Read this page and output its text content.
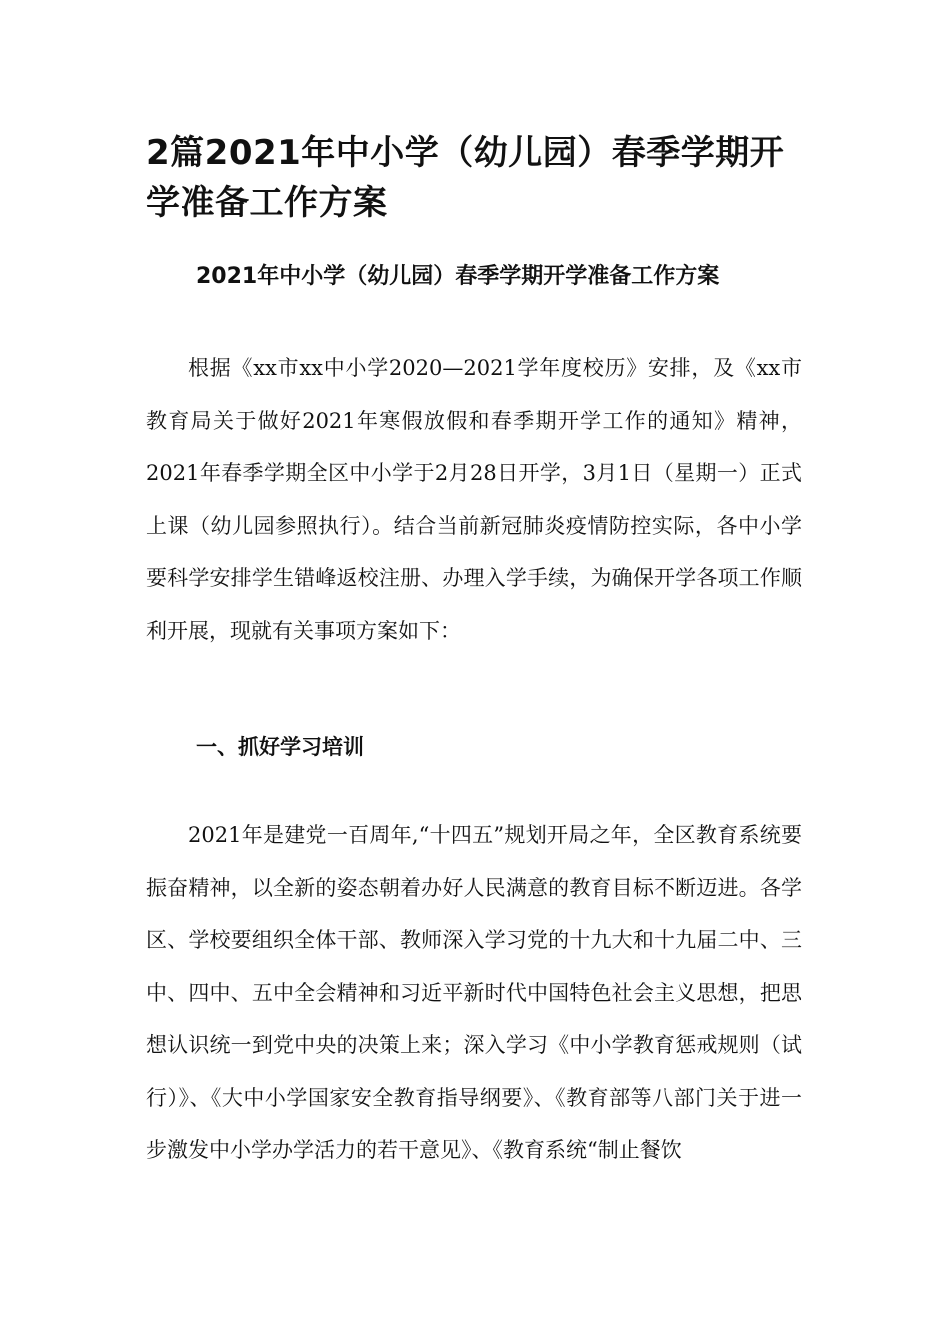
2篇2021年中小学（幼儿园）春季学期开学准备工作方案
2021年中小学（幼儿园）春季学期开学准备工作方案

根据《xx市xx中小学2020—2021学年度校历》安排，及《xx市教育局关于做好2021年寒假放假和春季期开学工作的通知》精神，2021年春季学期全区中小学于2月28日开学，3月1日（星期一）正式上课（幼儿园参照执行）。结合当前新冠肺炎疫情防控实际，各中小学要科学安排学生错峰返校注册、办理入学手续，为确保开学各项工作顺利开展，现就有关事项方案如下：

一、抓好学习培训

2021年是建党一百周年,“十四五”规划开局之年，全区教育系统要振奋精神，以全新的姿态朝着办好人民满意的教育目标不断迈进。各学区、学校要组织全体干部、教师深入学习党的十九大和十九届二中、三中、四中、五中全会精神和习近平新时代中国特色社会主义思想，把思想认识统一到党中央的决策上来；深入学习《中小学教育惩戒规则（试行）》、《大中小学国家安全教育指导纲要》、《教育部等八部门关于进一步激发中小学办学活力的若干意见》、《教育系统“制止餐饮
